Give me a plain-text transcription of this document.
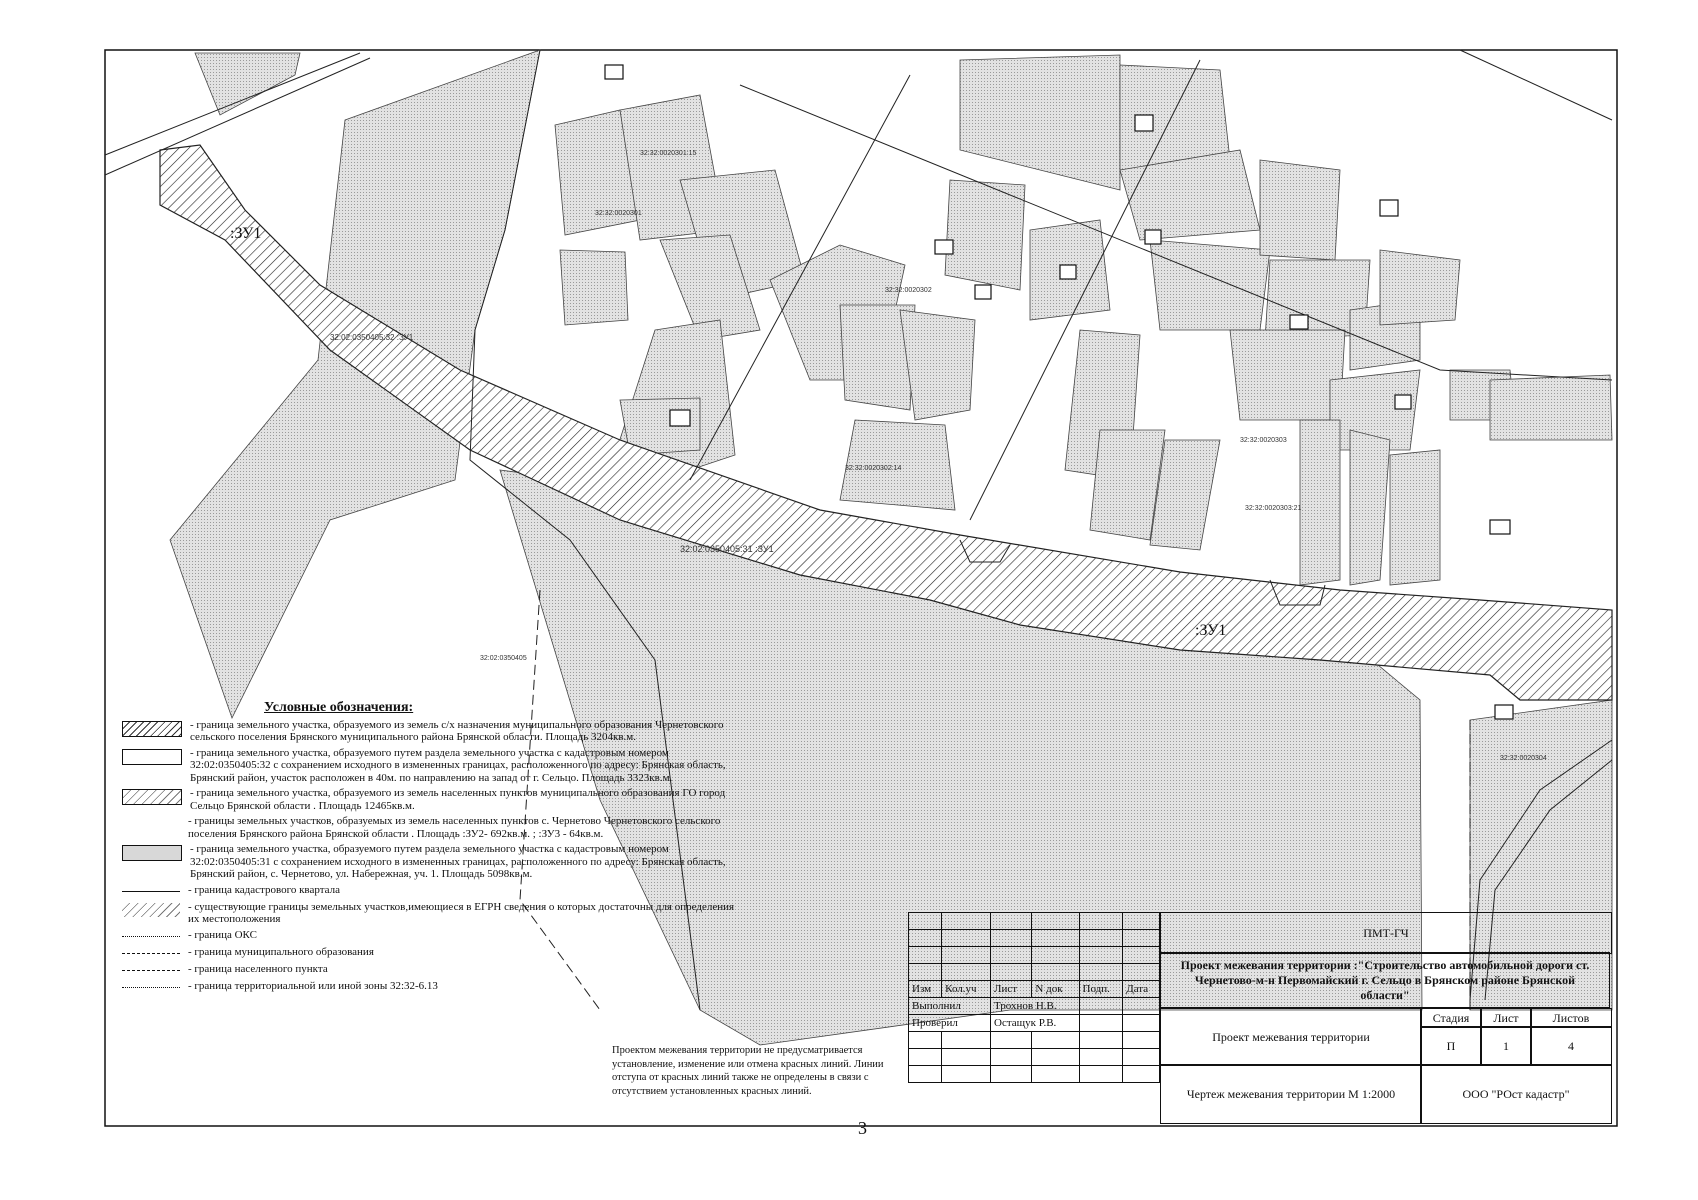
:ЗУ1
:ЗУ1
32:02:0350405:31 :ЗУ1
32:02:0350405:32 :ЗУ1
32:32:0020301
32:32:0020302
32:32:0020303
32:32:0020304
32:02:0350405
32:32:0020301:15
32:32:0020302:14
32:32:0020303:21
Условные обозначения:
- граница земельного участка, образуемого из земель с/х назначения муниципального образования Чернетовского сельского поселения Брянского муниципального района Брянской области. Площадь 3204кв.м.
- граница земельного участка, образуемого путем раздела земельного участка с кадастровым номером 32:02:0350405:32 с сохранением исходного в измененных границах, расположенного по адресу: Брянская область, Брянский район, участок расположен в 40м. по направлению на запад от г. Сельцо. Площадь 3323кв.м.
- граница земельного участка, образуемого из земель населенных пунктов муниципального образования ГО город Сельцо Брянской области . Площадь 12465кв.м.
- границы земельных участков, образуемых из земель населенных пунктов с. Чернетово Чернетовского сельского поселения Брянского района Брянской области . Площадь :ЗУ2- 692кв.м. ; :ЗУ3 - 64кв.м.
- граница земельного участка, образуемого путем раздела земельного участка с кадастровым номером 32:02:0350405:31 с сохранением исходного в измененных границах, расположенного по адресу: Брянская область, Брянский район, с. Чернетово, ул. Набережная, уч. 1. Площадь 5098кв.м.
- граница кадастрового квартала
- существующие границы земельных участков,имеющиеся в ЕГРН сведения о которых достаточны для определения их местоположения
- граница ОКС
- граница муниципального образования
- граница населенного пункта
- граница территориальной или иной зоны 32:32-6.13
Проектом межевания территории не предусматривается установление, изменение или отмена красных линий. Линии отступа от красных линий также не определены в связи с отсутствием установленных красных линий.

Изм	Кол.уч	Лист	N док	Подп.	Дата
Выполнил		Трохнов Н.В.			
Проверил		Остащук Р.В.			

ПМТ-ГЧ
Проект межевания территории :"Строительство автомобильной дороги ст. Чернетово-м-н Первомайский г. Сельцо в Брянском районе Брянской области"
Проект межевания территории
Стадия	Лист	Листов
П	1	4
Чертеж межевания территории М 1:2000	ООО "РОст кадастр"
3
